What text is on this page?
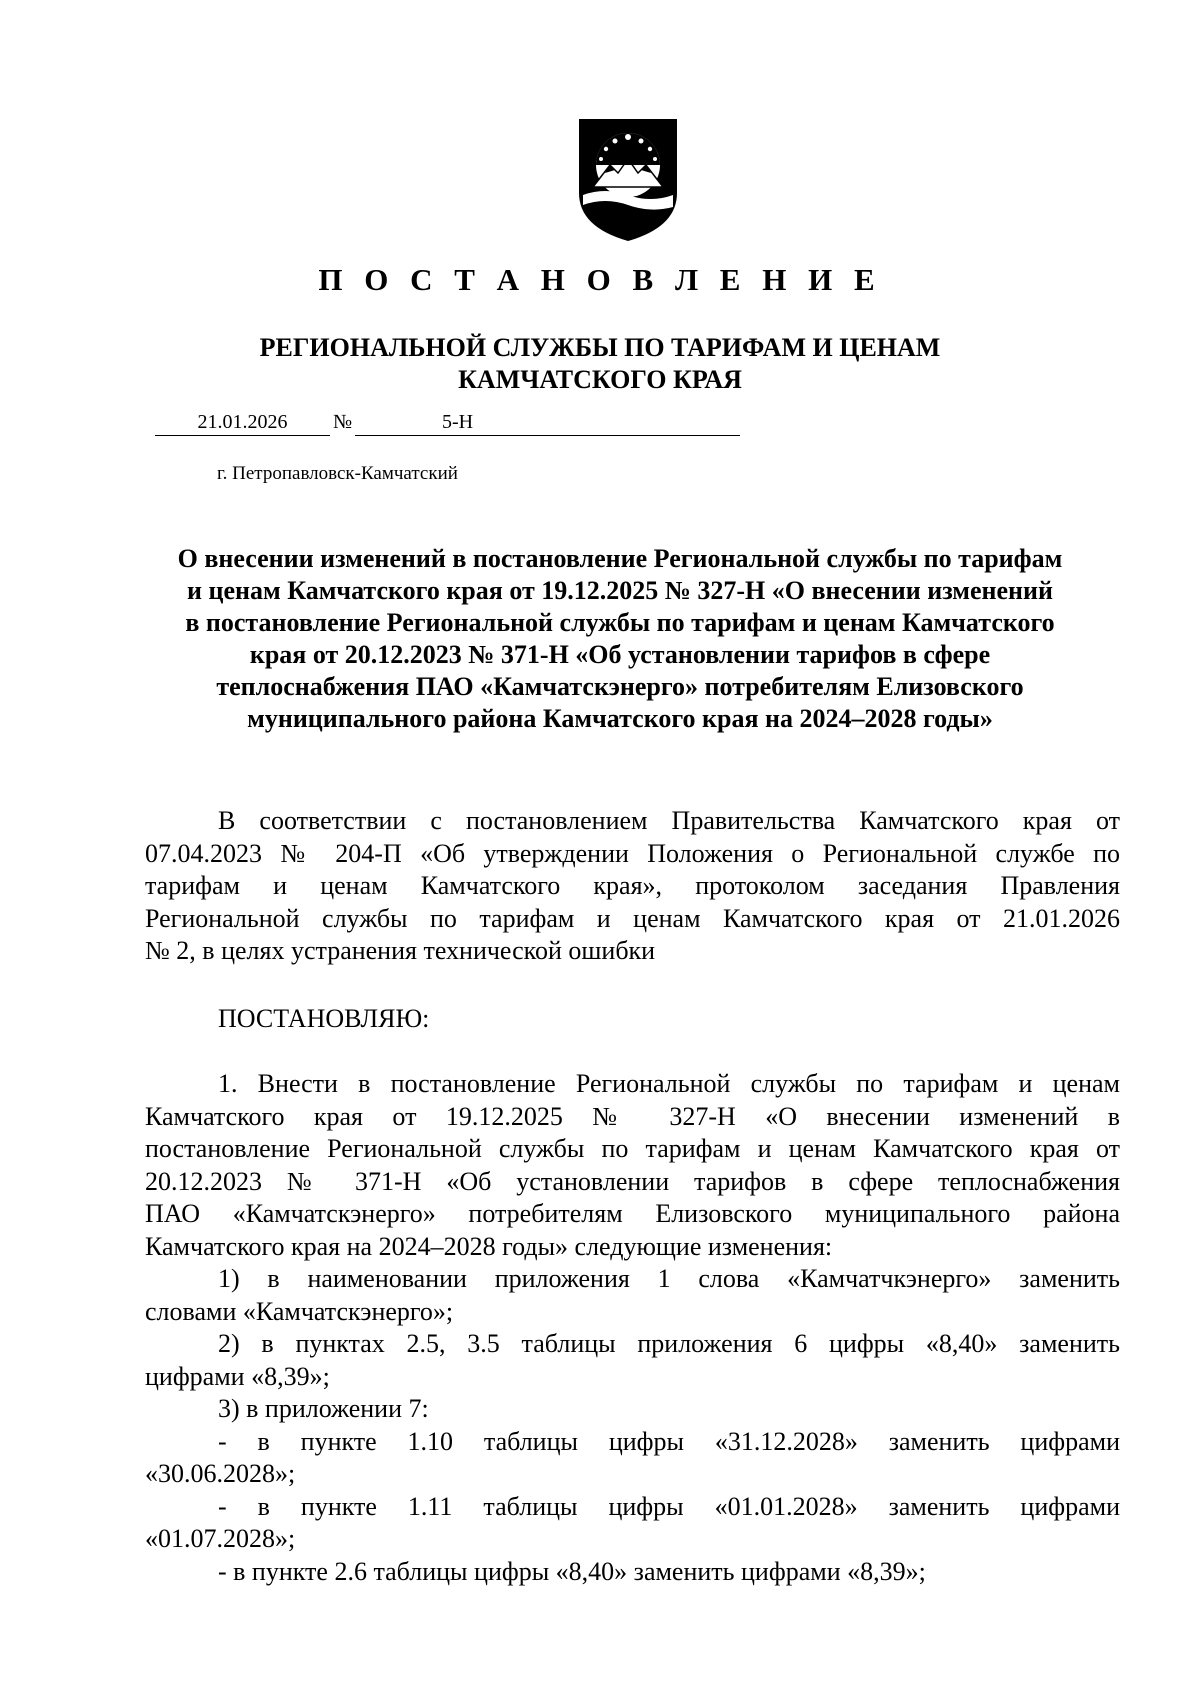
П О С Т А Н О В Л Е Н И Е
РЕГИОНАЛЬНОЙ СЛУЖБЫ ПО ТАРИФАМ И ЦЕНАМ
КАМЧАТСКОГО КРАЯ
21.01.2026	№	5-Н
г. Петропавловск-Камчатский
О внесении изменений в постановление Региональной службы по тарифам
и ценам Камчатского края от 19.12.2025 № 327-Н «О внесении изменений
в постановление Региональной службы по тарифам и ценам Камчатского
края от 20.12.2023 № 371-Н «Об установлении тарифов в сфере
теплоснабжения ПАО «Камчатскэнерго» потребителям Елизовского
муниципального района Камчатского края на 2024–2028 годы»
В соответствии с постановлением Правительства Камчатского края от
07.04.2023 № 204-П «Об утверждении Положения о Региональной службе по
тарифам и ценам Камчатского края», протоколом заседания Правления
Региональной службы по тарифам и ценам Камчатского края от 21.01.2026
№ 2, в целях устранения технической ошибки
ПОСТАНОВЛЯЮ:
1. Внести в постановление Региональной службы по тарифам и ценам
Камчатского края от 19.12.2025 № 327-Н «О внесении изменений в
постановление Региональной службы по тарифам и ценам Камчатского края от
20.12.2023 № 371-Н «Об установлении тарифов в сфере теплоснабжения
ПАО «Камчатскэнерго» потребителям Елизовского муниципального района
Камчатского края на 2024–2028 годы» следующие изменения:
1) в наименовании приложения 1 слова «Камчатчкэнерго» заменить
словами «Камчатскэнерго»;
2) в пунктах 2.5, 3.5 таблицы приложения 6 цифры «8,40» заменить
цифрами «8,39»;
3) в приложении 7:
- в пункте 1.10 таблицы цифры «31.12.2028» заменить цифрами
«30.06.2028»;
- в пункте 1.11 таблицы цифры «01.01.2028» заменить цифрами
«01.07.2028»;
- в пункте 2.6 таблицы цифры «8,40» заменить цифрами «8,39»;
